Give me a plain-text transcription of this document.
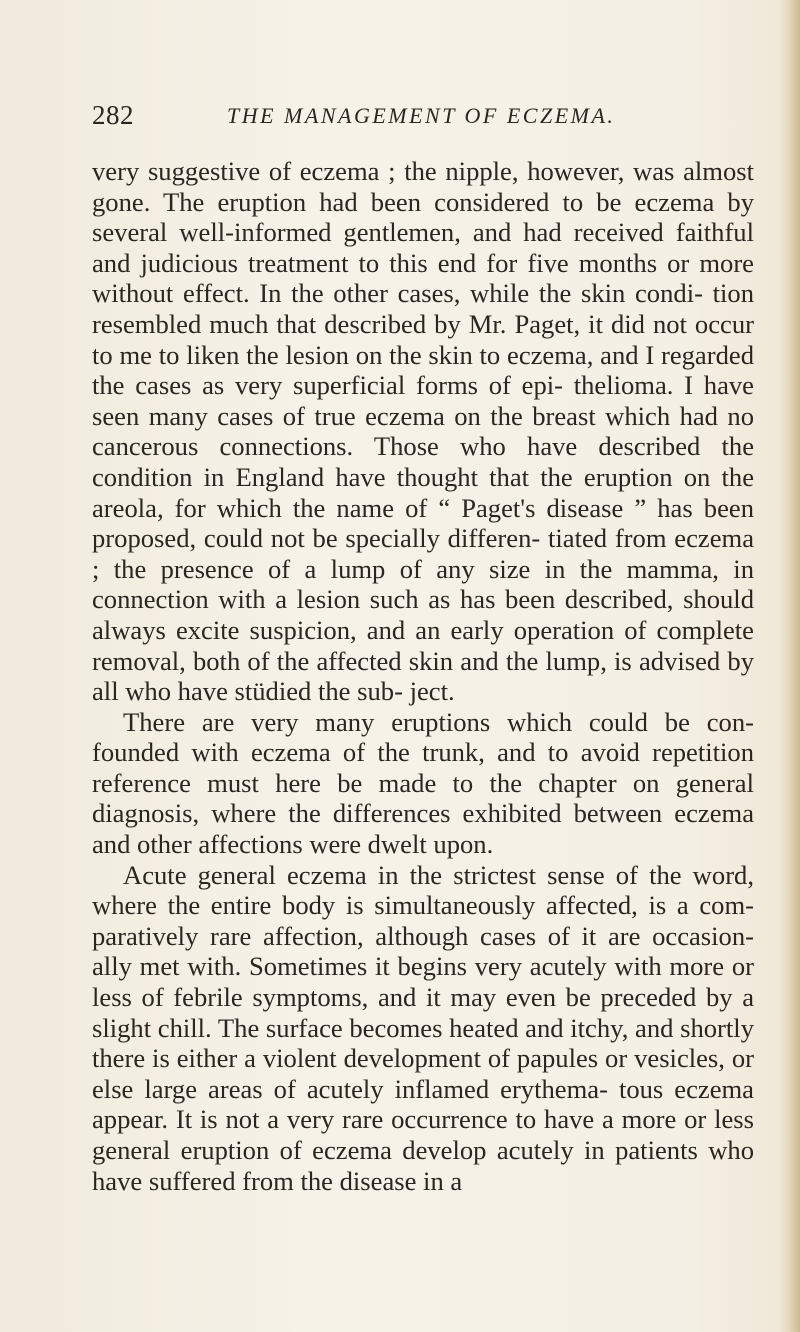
282	THE MANAGEMENT OF ECZEMA.

very suggestive of eczema ; the nipple, however, was almost gone. The eruption had been considered to be eczema by several well-informed gentlemen, and had received faithful and judicious treatment to this end for five months or more without effect. In the other cases, while the skin condi- tion resembled much that described by Mr. Paget, it did not occur to me to liken the lesion on the skin to eczema, and I regarded the cases as very superficial forms of epi- thelioma. I have seen many cases of true eczema on the breast which had no cancerous connections. Those who have described the condition in England have thought that the eruption on the areola, for which the name of “ Paget's disease ” has been proposed, could not be specially differen- tiated from eczema ; the presence of a lump of any size in the mamma, in connection with a lesion such as has been described, should always excite suspicion, and an early operation of complete removal, both of the affected skin and the lump, is advised by all who have stüdied the sub- ject.

There are very many eruptions which could be con- founded with eczema of the trunk, and to avoid repetition reference must here be made to the chapter on general diagnosis, where the differences exhibited between eczema and other affections were dwelt upon.

Acute general eczema in the strictest sense of the word, where the entire body is simultaneously affected, is a com- paratively rare affection, although cases of it are occasion- ally met with. Sometimes it begins very acutely with more or less of febrile symptoms, and it may even be preceded by a slight chill. The surface becomes heated and itchy, and shortly there is either a violent development of papules or vesicles, or else large areas of acutely inflamed erythema- tous eczema appear. It is not a very rare occurrence to have a more or less general eruption of eczema develop acutely in patients who have suffered from the disease in a
